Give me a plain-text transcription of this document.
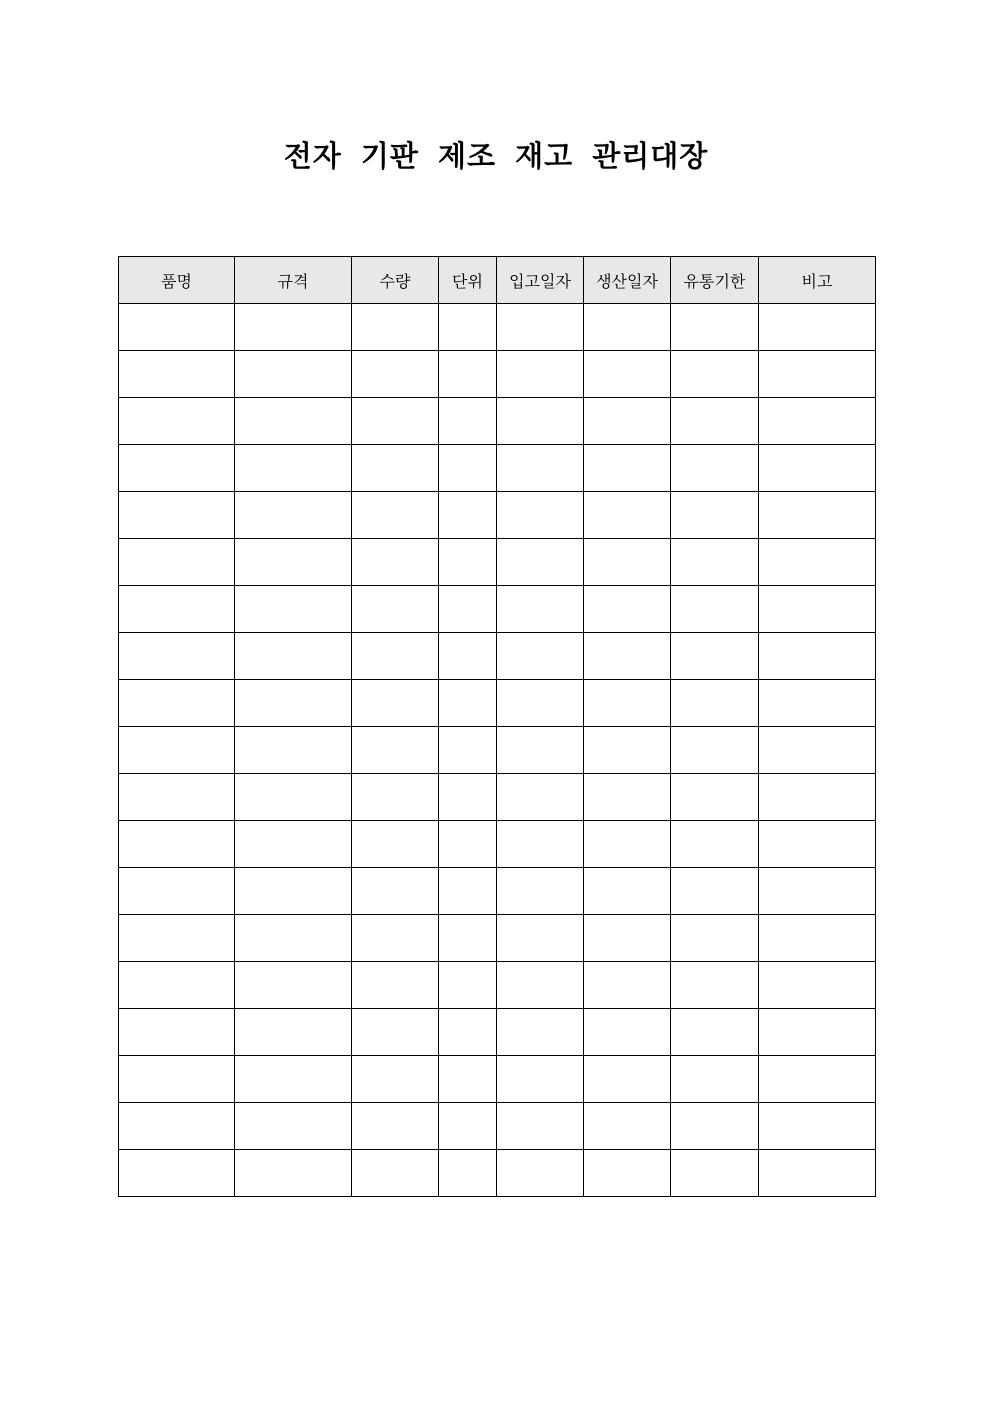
전자 기판 제조 재고 관리대장
품명	규격	수량	단위	입고일자	생산일자	유통기한	비고
